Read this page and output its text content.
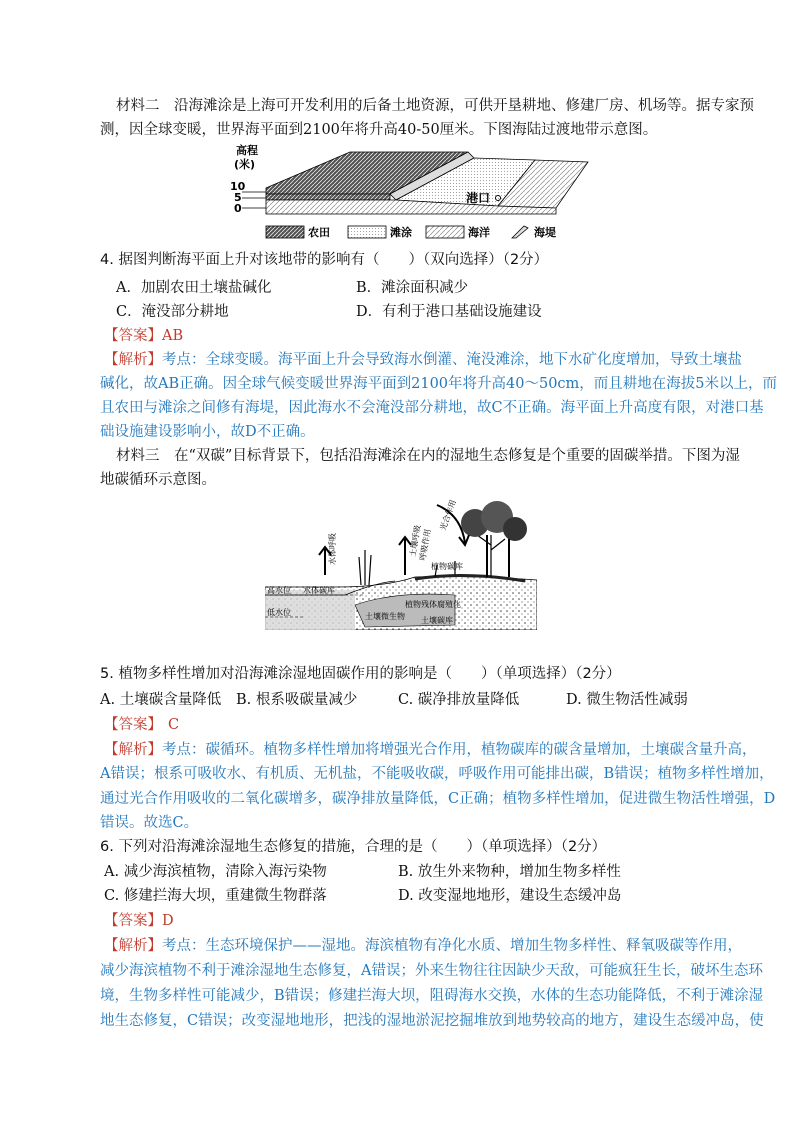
材料二　沿海滩涂是上海可开发利用的后备土地资源，可供开垦耕地、修建厂房、机场等。据专家预
测，因全球变暖，世界海平面到2100年将升高40-50厘米。下图海陆过渡地带示意图。
高程
(米)
10
5
0
港口
农田	滩涂	海洋	海堤
4. 据图判断海平面上升对该地带的影响有（　　）（双向选择）（2分）
A．加剧农田土壤盐碱化	B．滩涂面积减少
C．淹没部分耕地	D．有利于港口基础设施建设
【答案】AB
【解析】考点：全球变暖。海平面上升会导致海水倒灌、淹没滩涂，地下水矿化度增加，导致土壤盐
碱化，故AB正确。因全球气候变暖世界海平面到2100年将升高40～50cm，而且耕地在海拔5米以上，而
且农田与滩涂之间修有海堤，因此海水不会淹没部分耕地，故C不正确。海平面上升高度有限，对港口基
础设施建设影响小，故D不正确。
材料三　在“双碳”目标背景下，包括沿海滩涂在内的湿地生态修复是个重要的固碳举措。下图为湿
地碳循环示意图。
高水位 水体碳库
低水位
植物残体腐殖化
土壤微生物 土壤碳库
植物碳库
水体呼吸	土壤呼吸
呼吸作用
光合作用
5. 植物多样性增加对沿海滩涂湿地固碳作用的影响是（　　）（单项选择）（2分）
A. 土壤碳含量降低 B. 根系吸碳量减少	C. 碳净排放量降低	D. 微生物活性减弱
【答案】 C
【解析】考点：碳循环。植物多样性增加将增强光合作用，植物碳库的碳含量增加，土壤碳含量升高，
A错误；根系可吸收水、有机质、无机盐，不能吸收碳，呼吸作用可能排出碳，B错误；植物多样性增加，
通过光合作用吸收的二氧化碳增多，碳净排放量降低，C正确；植物多样性增加，促进微生物活性增强，D
错误。故选C。
6. 下列对沿海滩涂湿地生态修复的措施，合理的是（　　）（单项选择）（2分）
A. 减少海滨植物，清除入海污染物	B. 放生外来物种，增加生物多样性
C. 修建拦海大坝，重建微生物群落	D. 改变湿地地形，建设生态缓冲岛
【答案】D
【解析】考点：生态环境保护——湿地。海滨植物有净化水质、增加生物多样性、释氧吸碳等作用，
减少海滨植物不利于滩涂湿地生态修复，A错误；外来生物往往因缺少天敌，可能疯狂生长，破坏生态环
境，生物多样性可能减少，B错误；修建拦海大坝，阻碍海水交换，水体的生态功能降低，不利于滩涂湿
地生态修复，C错误；改变湿地地形，把浅的湿地淤泥挖掘堆放到地势较高的地方，建设生态缓冲岛，使
